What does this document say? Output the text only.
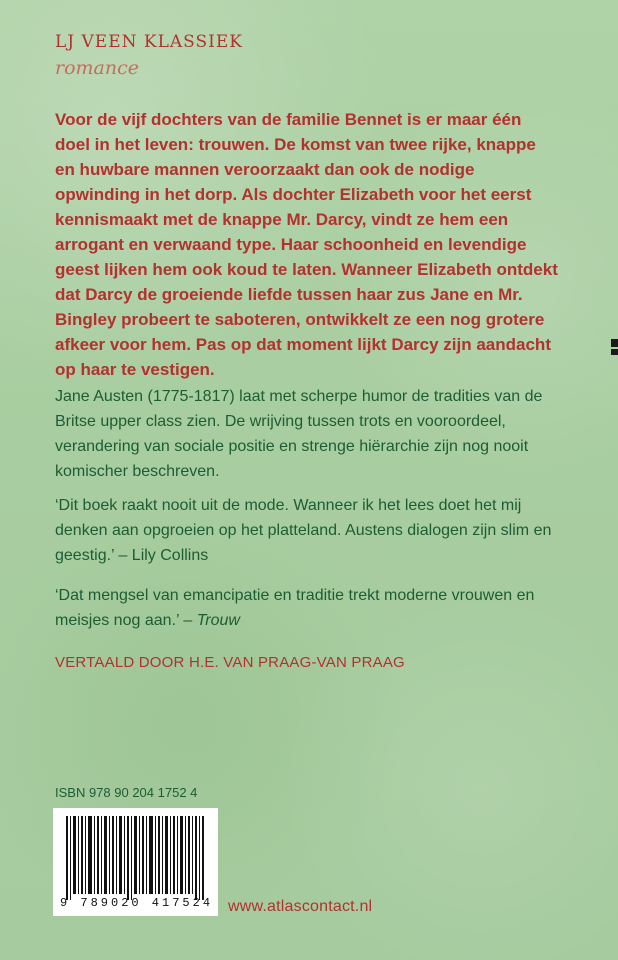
LJ VEEN KLASSIEK
romance

Voor de vijf dochters van de familie Bennet is er maar één doel in het leven: trouwen. De komst van twee rijke, knappe en huwbare mannen veroorzaakt dan ook de nodige opwinding in het dorp. Als dochter Elizabeth voor het eerst kennismaakt met de knappe Mr. Darcy, vindt ze hem een arrogant en verwaand type. Haar schoonheid en levendige geest lijken hem ook koud te laten. Wanneer Elizabeth ontdekt dat Darcy de groeiende liefde tussen haar zus Jane en Mr. Bingley probeert te saboteren, ontwikkelt ze een nog grotere afkeer voor hem. Pas op dat moment lijkt Darcy zijn aandacht op haar te vestigen.

Jane Austen (1775-1817) laat met scherpe humor de tradities van de Britse upper class zien. De wrijving tussen trots en vooroordeel, verandering van sociale positie en strenge hiërarchie zijn nog nooit komischer beschreven.

‘Dit boek raakt nooit uit de mode. Wanneer ik het lees doet het mij denken aan opgroeien op het platteland. Austens dialogen zijn slim en geestig.’ – Lily Collins

‘Dat mengsel van emancipatie en traditie trekt moderne vrouwen en meisjes nog aan.’ – Trouw

VERTAALD DOOR H.E. VAN PRAAG-VAN PRAAG

ISBN 978 90 204 1752 4
9 789020 417524 www.atlascontact.nl
